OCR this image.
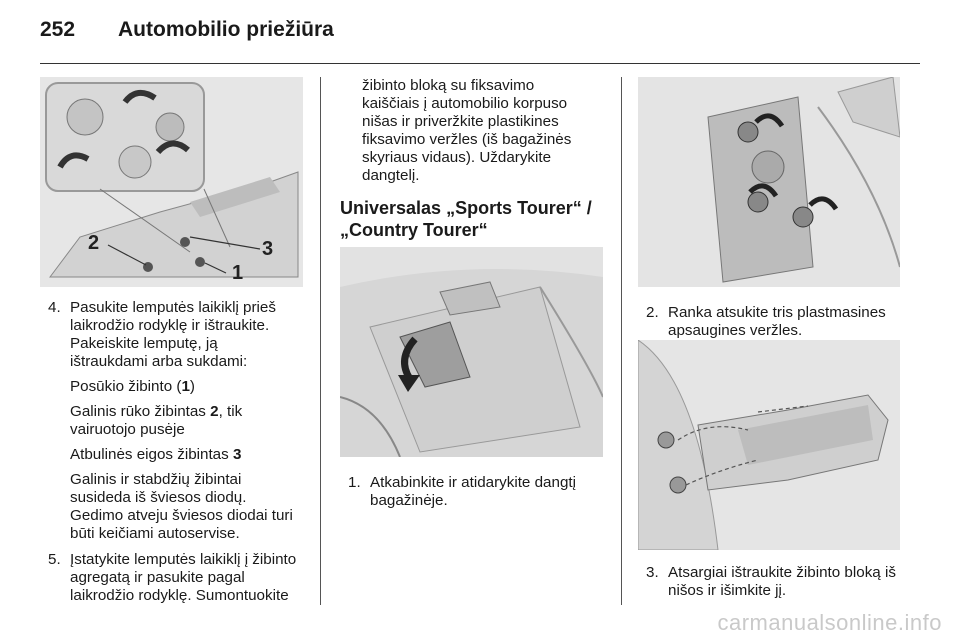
252 Automobilio priežiūra
2	3
1
4. Pasukite lemputės laikiklį prieš
laikrodžio rodyklę ir ištraukite.
Pakeiskite lemputę, ją
ištraukdami arba sukdami:

Posūkio žibinto (1)

Galinis rūko žibintas 2, tik
vairuotojo pusėje

Atbulinės eigos žibintas 3

Galinis ir stabdžių žibintai
susideda iš šviesos diodų.
Gedimo atveju šviesos diodai turi
būti keičiami autoservise.

5. Įstatykite lemputės laikiklį į žibinto
agregatą ir pasukite pagal
laikrodžio rodyklę. Sumontuokite

žibinto bloką su fiksavimo
kaiščiais į automobilio korpuso
nišas ir priveržkite plastikines
fiksavimo veržles (iš bagažinės
skyriaus vidaus). Uždarykite
dangtelį.

Universalas „Sports Tourer“ /
„Country Tourer“

1. Atkabinkite ir atidarykite dangtį
bagažinėje.

2. Ranka atsukite tris plastmasines
apsaugines veržles.

3. Atsargiai ištraukite žibinto bloką iš
nišos ir išimkite jį.

carmanualsonline.info
